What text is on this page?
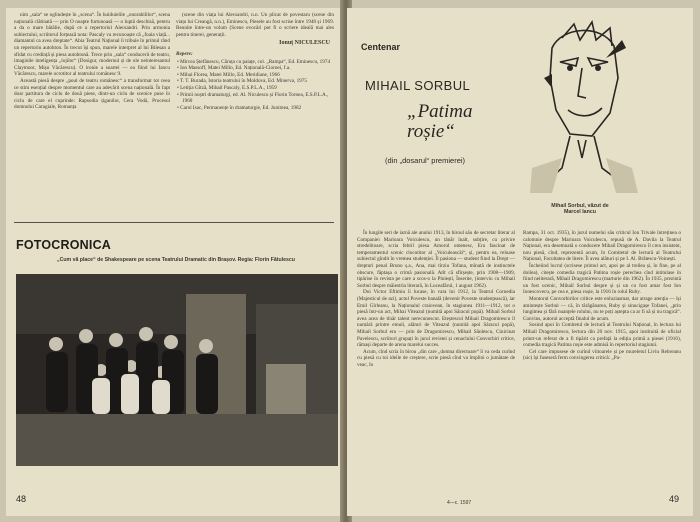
nim „sala“ se oglindește în „scena“. În huiduielile „onorabililor“, scena națională clătinată — prin O noapte furtunoasă — o luptă deschisă, pentru a da o mare bătălie, după ce a repertoriul Alecsandri. Prin armonia subiectului, scriitorul forțează nota: Pascaly va recunoaște că „foaia viață... diamantul ca avea dreptate“. Abia Teatrul Național îi tribuie în primul rând un repertoriu autohton. În trecut își spun, marele interpret al lui Bilesan a sfidat cu credință și piesa autohtonă. Trece prin „sala“ conducerii de teatru, imaginile inteligența „lojilor“ (Dosigur, modernul și de ole neinteresantul Claymoor, Mișu Văcărescu). O ironie a soartei — ea fiind lui Iancu Văcărescu, marele ocrotitor al teatrului românesc 9.

Această piesă despre „poul de teatru românesc“ a transformat tot ceea ce stim esențial despre momentul care au adevărit scena națională. În fapt doar partitura de ciclu de două piese, dintr-un ciclu de scenice puse în ciclu de care el cuprinde: Rapsodia țiganilor, Cera Vodă, Procesul domnului Caragiale, Romanța

(scene din viața lui Alecsandri, n.n. Un plicat de povestaru (scene din viața lui Creangă, n.n.), Eminescu, Piesele au fost scrise între 1948 și 1969. Reunite între-un volum (Scene evocări pot fi o scriere ideală mai ales pentru tinerei, generații.

Ionuț NICULESCU
Repere:
• Mircea Ștefănescu, Căruța cu paiațe, col. „Rampa“, Ed. Eminescu, 1974
• Ion Massoff, Matei Millo, Ed. Națională-Ciornei, f.a.
• Mihai Florea, Matei Millo, Ed. Meridiane, 1966
• T. T. Burada, Istoria teatrului în Moldova, Ed. Minerva, 1975
• Letiția Gîtză, Mihail Pascaly, E.S.P.L.A., 1959
• Primii noștri dramaturgi, ed. Al. Niculescu și Florin Tornea, E.S.P.L.A., 1960
• Carol Isac, Permanențe în dramaturgie, Ed. Junimea, 1982
FOTOCRONICA
„Cum vă place“ de Shakespeare pe scena Teatrului Dramatic din Brașov. Regia: Florin Fătulescu
48
Centenar
MIHAIL SORBUL
„Patima roșie“
(din „dosarul“ premierei)
Mihail Sorbul, văzut de Marcel Iancu

În lungile seri de iarnă ale anului 1913, în biroul său de secretar literar al Companiei Marioara Voiculescu, un tânăr înalt, subțire, cu privire stredelitoare, scria febril piesa Amorul omenesc, Era fascinat de temperamentul scenic clocotitor al „Voiculeascăi“, și, pentru ea, reluase subiectul gîndit în vremea studenției. Îl pasiona — student fiind la Drept — drepturi penal Bruno ș.a., Ana, mai tîrziu Tofana, mînată de instinctele obscure, făptașa o crimă pasională. Atît că sfîrșește, prin 1908—1909, tipărise în revista pe care a scos-o la Ploiești, Înserite, (interviu cu Mihail Sorbul despre măiestria literară, în Luceafărul, 1 august 1962).

Doi Victor Eftimiu îi lucase, în vara lui 1912, la Teatrul Cornedia (Majesticul de azi), actul Poveste banală (devenit Poveste studențească), iar Emil Gîrleanu, la Naționalul craiovean, în stagiunea 1911—1912, tot o piesă într-un act, Mihai Viteazul (numită apoi Săracul popă). Mihail Sorbul avea acea de tînăr talent nerecunoscut. Eteștescul Mihail Dragomirescu îl numără printre emuli, alături de Viteazul (numită apoi Săracul popă), Mihail Sorbul era — prin de Dragomirescu, Mihail Sănlescu, Cinicinat Pavelescu, scriitori grupați în jurul revistei și cenaclului Convorbiri critice, rămași departe de arena marelui succes.

Acum, cînd scria în birou „din care „domna directoare“ îi va ceda curînd cu piesă cu toi ideile de creștere, scrie piesă cînd va împlini o jumătate de veac, în

Rampa, 31 oct. 1935), în jurul numelui său criticul Ion Trivale întreținea o calomnie despre Marioara Voiculescu, repusă de A. Davila la Teatrul Național, era desemnată o conducere Mihail Dragomirescu îl crea insistent, nou piesă, cînd, reprezentă acum, în Comitetul de lectură al Teatrului Național, Facultatea de litere. Îl avea alături și pe I. Al. Brătescu-Voinești.

Încheiind lucrul (scrisese primul act, apoi pe al treilea și, în fine, pe al doilea), citește comedia tragică Patima roșie perechea cînd intitulase în fiind neliterară, Mihail Dragomirescu (marturie din 1962). În 1935, prezintă un fost ucenic, Mihail Sorbul despre și și un cu fost amar fost Ion Ionescovecu, pe cea e, piesa roșie, la 1916 în rolul Ruby.

Montorul Convorbirilor critice este enluziasmat, dar atrage atenția — își amintește Sorbul — că, în tărăgănarea, Ruby și sinucigașe Tofanei, „prin lungimea și fără nuanțele rolului, nu te poți aștepta ca ar fi să și nu tragică“. Convins, autorul acceptă finalul de acum.

Sosind apoi în Comitetul de lectură al Teatrului Național, în lectura lui Mihail Dragomirescu, lectura din 20 nov. 1915, apoi instituită de oficial printr-un referat de a fi tipărit ca prefață la ediția primă a piesei (1916), comedia tragică Patima roșie este admisă în repertoriul stagiunii.

Cel care impusese de curînd viitoarele și pe mureletul Liviu Rebreanu (sic) își fuseseră ferm convingerea critică: „Pa-

4—c. 1597	49
